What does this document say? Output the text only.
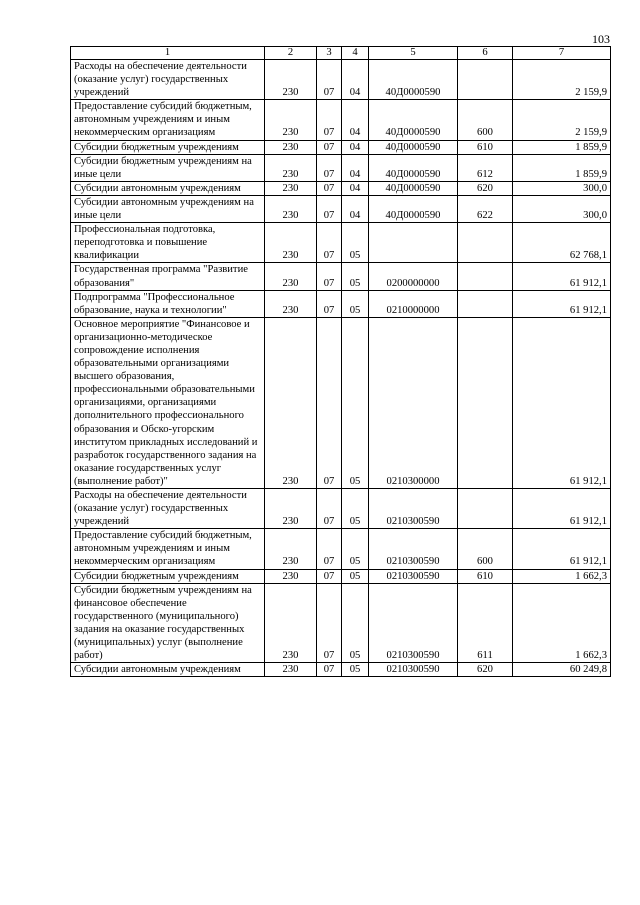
103
1	2	3	4	5	6	7
Расходы на обеспечение деятельности (оказание услуг) государственных учреждений	230	07	04	40Д0000590		2 159,9
Предоставление субсидий бюджетным, автономным учреждениям и иным некоммерческим организациям	230	07	04	40Д0000590	600	2 159,9
Субсидии бюджетным учреждениям	230	07	04	40Д0000590	610	1 859,9
Субсидии бюджетным учреждениям на иные цели	230	07	04	40Д0000590	612	1 859,9
Субсидии автономным учреждениям	230	07	04	40Д0000590	620	300,0
Субсидии автономным учреждениям на иные цели	230	07	04	40Д0000590	622	300,0
Профессиональная подготовка, переподготовка и повышение квалификации	230	07	05			62 768,1
Государственная программа "Развитие образования"	230	07	05	0200000000		61 912,1
Подпрограмма "Профессиональное образование, наука и технологии"	230	07	05	0210000000		61 912,1
Основное мероприятие "Финансовое и организационно-методическое сопровождение исполнения образовательными организациями высшего образования, профессиональными образовательными организациями, организациями дополнительного профессионального образования и Обско-угорским институтом прикладных исследований и разработок государственного задания на оказание государственных услуг (выполнение работ)"	230	07	05	0210300000		61 912,1
Расходы на обеспечение деятельности (оказание услуг) государственных учреждений	230	07	05	0210300590		61 912,1
Предоставление субсидий бюджетным, автономным учреждениям и иным некоммерческим организациям	230	07	05	0210300590	600	61 912,1
Субсидии бюджетным учреждениям	230	07	05	0210300590	610	1 662,3
Субсидии бюджетным учреждениям на финансовое обеспечение государственного (муниципального) задания на оказание государственных (муниципальных) услуг (выполнение работ)	230	07	05	0210300590	611	1 662,3
Субсидии автономным учреждениям	230	07	05	0210300590	620	60 249,8
